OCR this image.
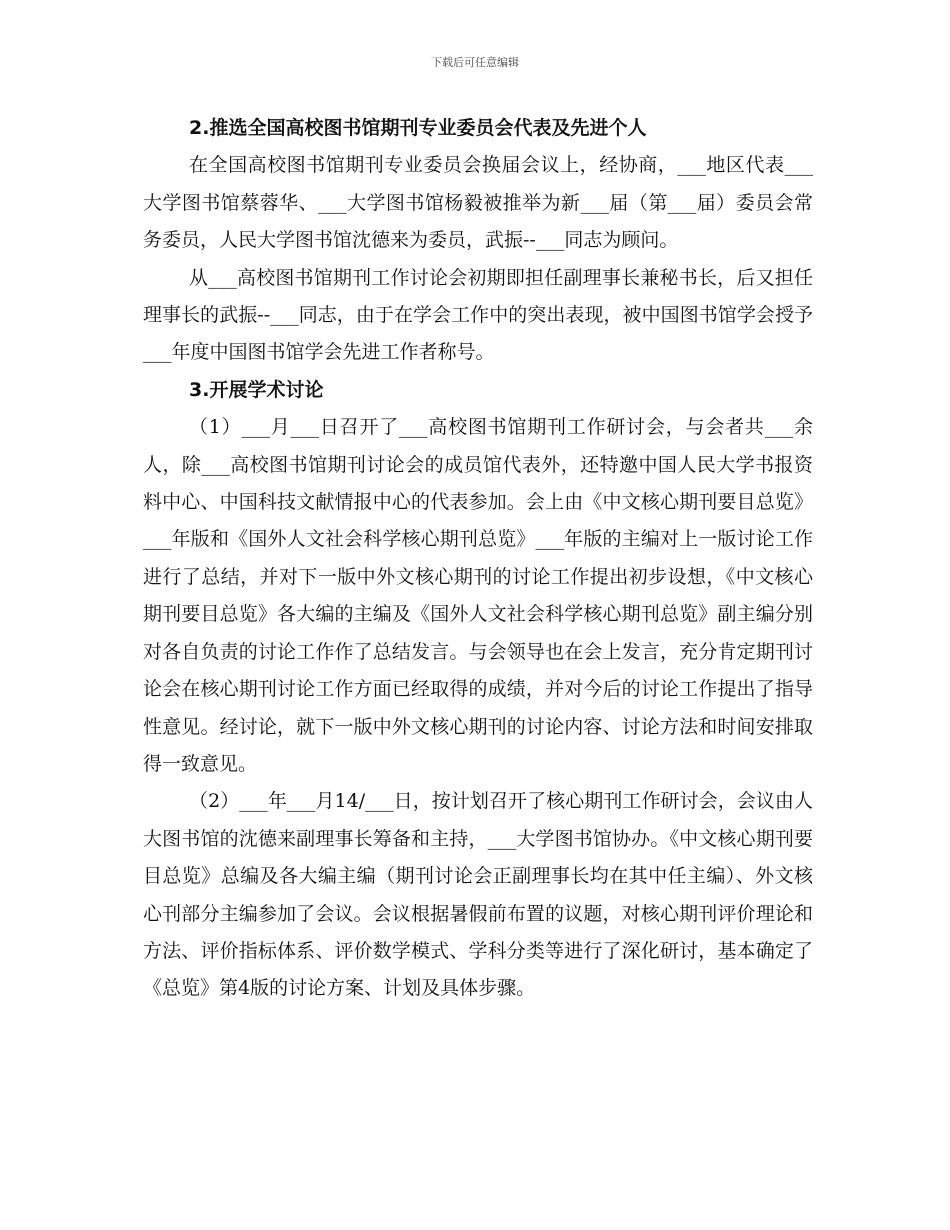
下载后可任意编辑

2.推选全国高校图书馆期刊专业委员会代表及先进个人

在全国高校图书馆期刊专业委员会换届会议上，经协商，___地区代表___大学图书馆蔡蓉华、___大学图书馆杨毅被推举为新___届（第___届）委员会常务委员，人民大学图书馆沈德来为委员，武振--___同志为顾问。

从___高校图书馆期刊工作讨论会初期即担任副理事长兼秘书长，后又担任理事长的武振--___同志，由于在学会工作中的突出表现，被中国图书馆学会授予___年度中国图书馆学会先进工作者称号。

3.开展学术讨论

（1）___月___日召开了___高校图书馆期刊工作研讨会，与会者共___余人，除___高校图书馆期刊讨论会的成员馆代表外，还特邀中国人民大学书报资料中心、中国科技文献情报中心的代表参加。会上由《中文核心期刊要目总览》___年版和《国外人文社会科学核心期刊总览》___年版的主编对上一版讨论工作进行了总结，并对下一版中外文核心期刊的讨论工作提出初步设想，《中文核心期刊要目总览》各大编的主编及《国外人文社会科学核心期刊总览》副主编分别对各自负责的讨论工作作了总结发言。与会领导也在会上发言，充分肯定期刊讨论会在核心期刊讨论工作方面已经取得的成绩，并对今后的讨论工作提出了指导性意见。经讨论，就下一版中外文核心期刊的讨论内容、讨论方法和时间安排取得一致意见。

（2）___年___月14/___日，按计划召开了核心期刊工作研讨会，会议由人大图书馆的沈德来副理事长筹备和主持，___大学图书馆协办。《中文核心期刊要目总览》总编及各大编主编（期刊讨论会正副理事长均在其中任主编）、外文核心刊部分主编参加了会议。会议根据暑假前布置的议题，对核心期刊评价理论和方法、评价指标体系、评价数学模式、学科分类等进行了深化研讨，基本确定了《总览》第4版的讨论方案、计划及具体步骤。
